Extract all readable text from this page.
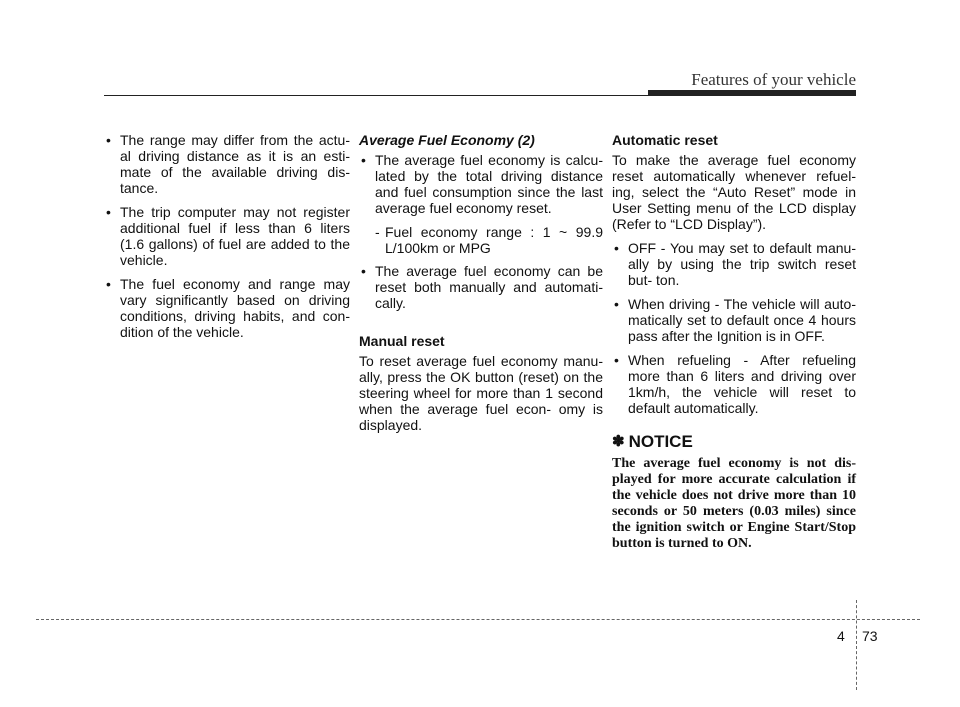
Features of your vehicle
• The range may differ from the actu- al driving distance as it is an esti- mate of the available driving dis- tance.
• The trip computer may not register additional fuel if less than 6 liters (1.6 gallons) of fuel are added to the vehicle.
• The fuel economy and range may vary significantly based on driving conditions, driving habits, and con- dition of the vehicle.
Average Fuel Economy (2)
• The average fuel economy is calcu- lated by the total driving distance and fuel consumption since the last average fuel economy reset.
- Fuel economy range : 1 ~ 99.9 L/100km or MPG
• The average fuel economy can be reset both manually and automati- cally.
Manual reset
To reset average fuel economy manu- ally, press the OK button (reset) on the steering wheel for more than 1 second when the average fuel econ- omy is displayed.
Automatic reset
To make the average fuel economy reset automatically whenever refuel- ing, select the “Auto Reset” mode in User Setting menu of the LCD display (Refer to “LCD Display”).
• OFF - You may set to default manu- ally by using the trip switch reset but- ton.
• When driving - The vehicle will auto- matically set to default once 4 hours pass after the Ignition is in OFF.
• When refueling - After refueling more than 6 liters and driving over 1km/h, the vehicle will reset to default automatically.
✽ NOTICE
The average fuel economy is not dis- played for more accurate calculation if the vehicle does not drive more than 10 seconds or 50 meters (0.03 miles) since the ignition switch or Engine Start/Stop button is turned to ON.
4 73
